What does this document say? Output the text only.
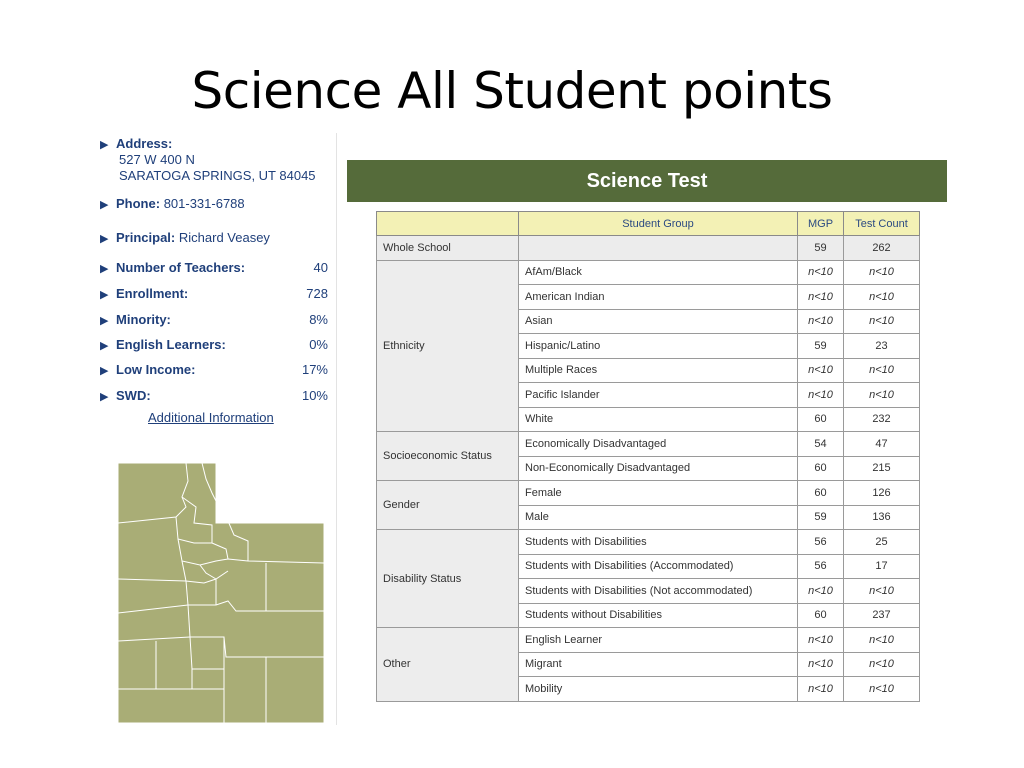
Science All Student points
▶ Address:
527 W 400 N
SARATOGA SPRINGS, UT 84045
▶ Phone: 801-331-6788
▶ Principal: Richard Veasey
▶ Number of Teachers:	40
▶ Enrollment:	728
▶ Minority:	8%
▶ English Learners:	0%
▶ Low Income:	17%
▶ SWD:	10%
Additional Information
Science Test
	Student Group	MGP	Test Count
Whole School		59	262
Ethnicity	AfAm/Black	n<10	n<10
	American Indian	n<10	n<10
	Asian	n<10	n<10
	Hispanic/Latino	59	23
	Multiple Races	n<10	n<10
	Pacific Islander	n<10	n<10
	White	60	232
Socioeconomic Status	Economically Disadvantaged	54	47
	Non-Economically Disadvantaged	60	215
Gender	Female	60	126
	Male	59	136
Disability Status	Students with Disabilities	56	25
	Students with Disabilities (Accommodated)	56	17
	Students with Disabilities (Not accommodated)	n<10	n<10
	Students without Disabilities	60	237
Other	English Learner	n<10	n<10
	Migrant	n<10	n<10
	Mobility	n<10	n<10
